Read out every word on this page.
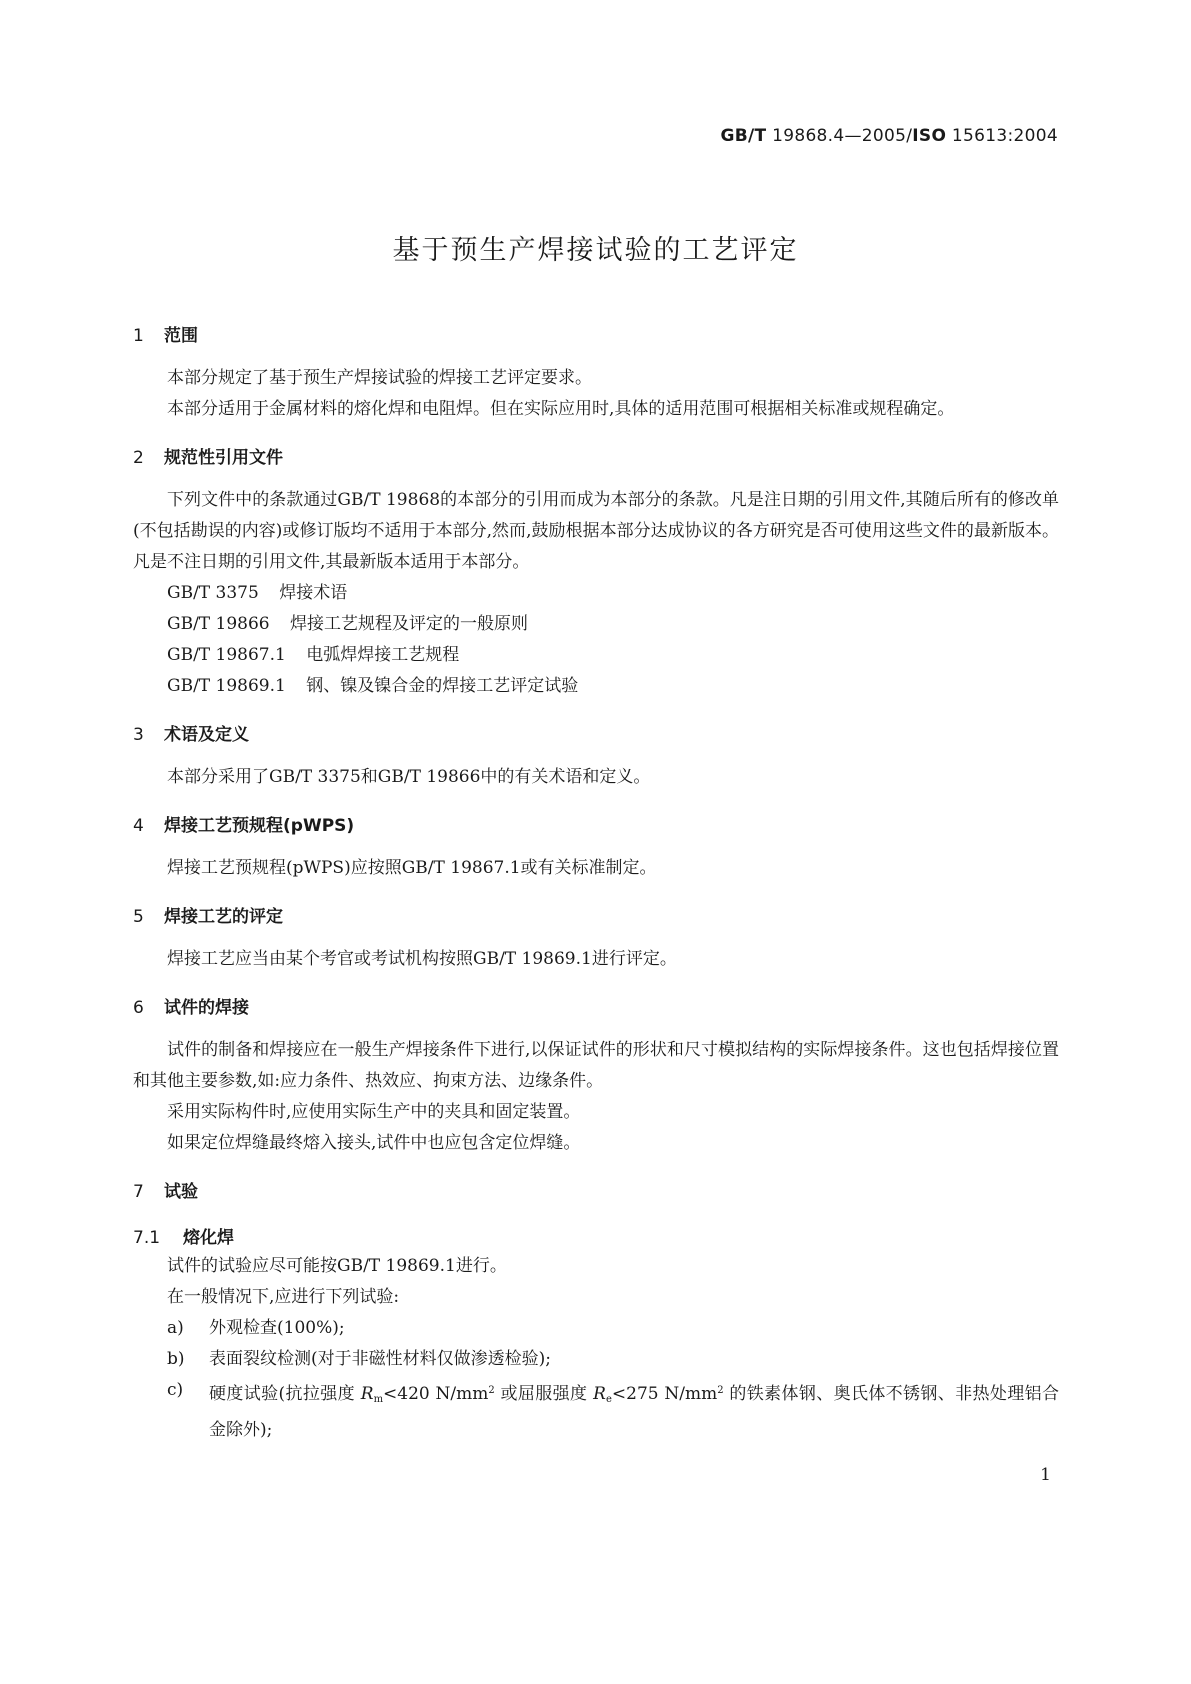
GB/T 19868.4—2005/ISO 15613:2004
基于预生产焊接试验的工艺评定
1 范围

本部分规定了基于预生产焊接试验的焊接工艺评定要求。

本部分适用于金属材料的熔化焊和电阻焊。但在实际应用时,具体的适用范围可根据相关标准或规程确定。

2 规范性引用文件

下列文件中的条款通过GB/T 19868的本部分的引用而成为本部分的条款。凡是注日期的引用文件,其随后所有的修改单(不包括勘误的内容)或修订版均不适用于本部分,然而,鼓励根据本部分达成协议的各方研究是否可使用这些文件的最新版本。凡是不注日期的引用文件,其最新版本适用于本部分。

GB/T 3375 焊接术语
GB/T 19866 焊接工艺规程及评定的一般原则
GB/T 19867.1 电弧焊焊接工艺规程
GB/T 19869.1 钢、镍及镍合金的焊接工艺评定试验
3 术语及定义

本部分采用了GB/T 3375和GB/T 19866中的有关术语和定义。

4 焊接工艺预规程(pWPS)

焊接工艺预规程(pWPS)应按照GB/T 19867.1或有关标准制定。

5 焊接工艺的评定

焊接工艺应当由某个考官或考试机构按照GB/T 19869.1进行评定。

6 试件的焊接

试件的制备和焊接应在一般生产焊接条件下进行,以保证试件的形状和尺寸模拟结构的实际焊接条件。这也包括焊接位置和其他主要参数,如:应力条件、热效应、拘束方法、边缘条件。

采用实际构件时,应使用实际生产中的夹具和固定装置。

如果定位焊缝最终熔入接头,试件中也应包含定位焊缝。

7 试验
7.1 熔化焊

试件的试验应尽可能按GB/T 19869.1进行。

在一般情况下,应进行下列试验:

a)	外观检查(100%);
b)	表面裂纹检测(对于非磁性材料仅做渗透检验);
c)	硬度试验(抗拉强度 $R_m<420$ $N/mm^2$ 或屈服强度 $R_e<275$ $N/mm^2$ 的铁素体钢、奥氏体不锈钢、非热处理铝合金除外);
1
